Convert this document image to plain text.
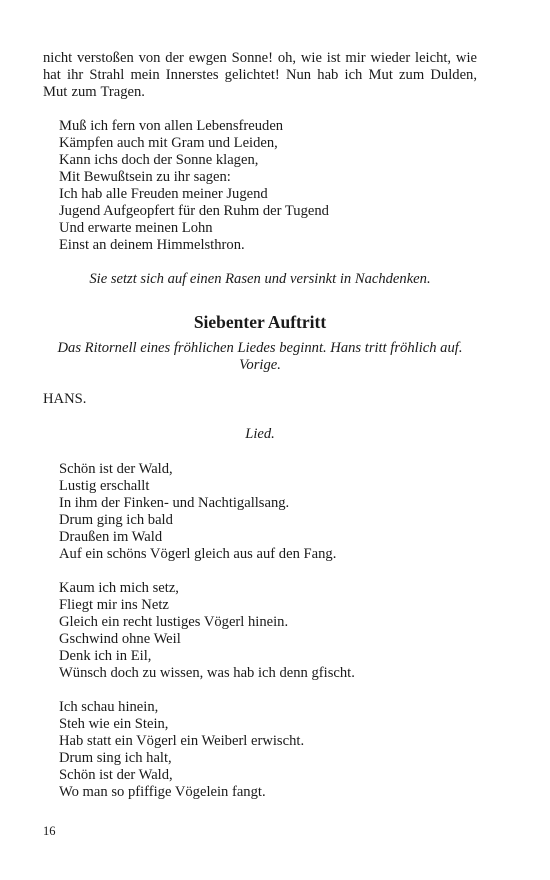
nicht verstoßen von der ewgen Sonne! oh, wie ist mir wieder leicht, wie hat ihr Strahl mein Innerstes gelichtet! Nun hab ich Mut zum Dulden, Mut zum Tragen.

Muß ich fern von allen Lebensfreuden
Kämpfen auch mit Gram und Leiden,
Kann ichs doch der Sonne klagen,
Mit Bewußtsein zu ihr sagen:
Ich hab alle Freuden meiner Jugend
Jugend Aufgeopfert für den Ruhm der Tugend
Und erwarte meinen Lohn
Einst an deinem Himmelsthron.

Sie setzt sich auf einen Rasen und versinkt in Nachdenken.

Siebenter Auftritt

Das Ritornell eines fröhlichen Liedes beginnt. Hans tritt fröhlich auf.
Vorige.

HANS.

Lied.

Schön ist der Wald,
Lustig erschallt
In ihm der Finken- und Nachtigallsang.
Drum ging ich bald
Draußen im Wald
Auf ein schöns Vögerl gleich aus auf den Fang.
Kaum ich mich setz,
Fliegt mir ins Netz
Gleich ein recht lustiges Vögerl hinein.
Gschwind ohne Weil
Denk ich in Eil,
Wünsch doch zu wissen, was hab ich denn gfischt.
Ich schau hinein,
Steh wie ein Stein,
Hab statt ein Vögerl ein Weiberl erwischt.
Drum sing ich halt,
Schön ist der Wald,
Wo man so pfiffige Vögelein fangt.
16
